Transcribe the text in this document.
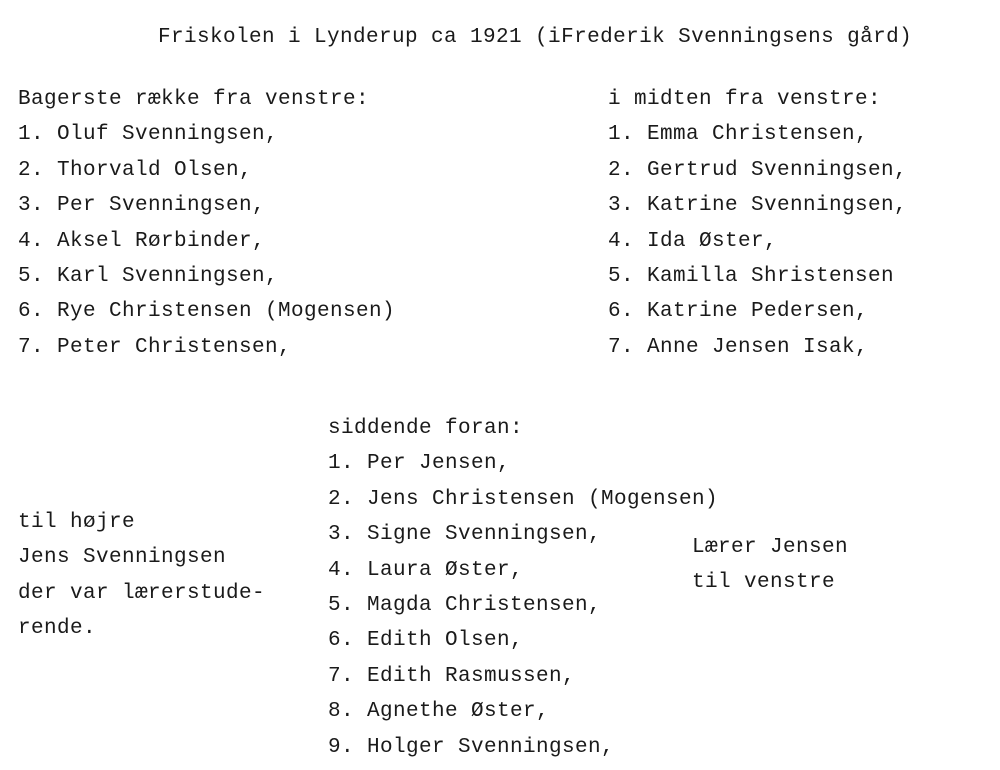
Friskolen i Lynderup ca 1921 (iFrederik Svenningsens gård)
Bagerste række fra venstre:
1. Oluf Svenningsen,
2. Thorvald Olsen,
3. Per Svenningsen,
4. Aksel Rørbinder,
5. Karl Svenningsen,
6. Rye Christensen (Mogensen)
7. Peter Christensen,
i midten fra venstre:
1. Emma Christensen,
2. Gertrud Svenningsen,
3. Katrine Svenningsen,
4. Ida Øster,
5. Kamilla Shristensen
6. Katrine Pedersen,
7. Anne Jensen Isak,
siddende foran:
1. Per Jensen,
2. Jens Christensen (Mogensen)
3. Signe Svenningsen,
4. Laura Øster,
5. Magda Christensen,
6. Edith Olsen,
7. Edith Rasmussen,
8. Agnethe Øster,
9. Holger Svenningsen,
til højre
Jens Svenningsen
der var lærerstude-
rende.
Lærer Jensen
til venstre
